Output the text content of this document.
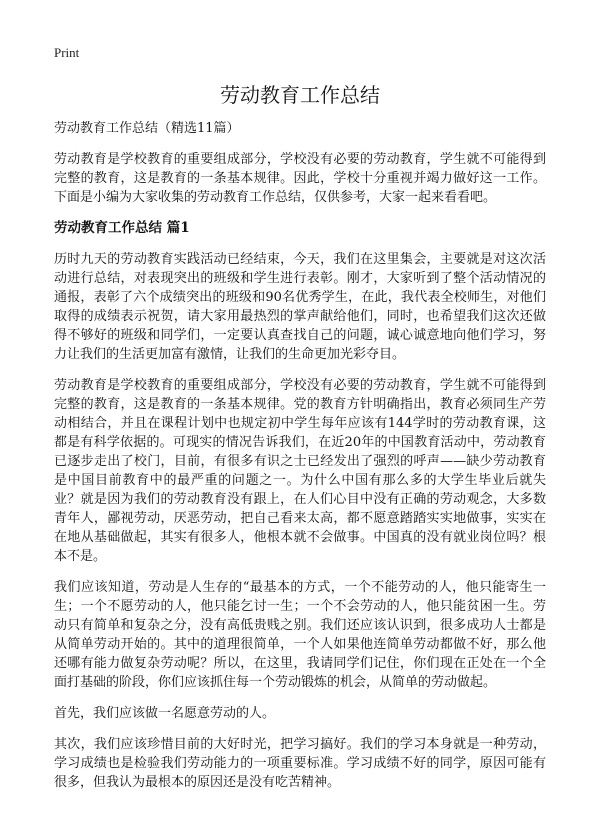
Print
劳动教育工作总结
劳动教育工作总结（精选11篇）

劳动教育是学校教育的重要组成部分，学校没有必要的劳动教育，学生就不可能得到完整的教育，这是教育的一条基本规律。因此，学校十分重视并竭力做好这一工作。下面是小编为大家收集的劳动教育工作总结，仅供参考，大家一起来看看吧。

劳动教育工作总结 篇1

历时九天的劳动教育实践活动已经结束，今天，我们在这里集会，主要就是对这次活动进行总结，对表现突出的班级和学生进行表彰。刚才，大家听到了整个活动情况的通报，表彰了六个成绩突出的班级和90名优秀学生，在此，我代表全校师生，对他们取得的成绩表示祝贺，请大家用最热烈的掌声献给他们，同时，也希望我们这次还做得不够好的班级和同学们，一定要认真查找自己的问题，诚心诚意地向他们学习，努力让我们的生活更加富有激情，让我们的生命更加光彩夺目。

劳动教育是学校教育的重要组成部分，学校没有必要的劳动教育，学生就不可能得到完整的教育，这是教育的一条基本规律。党的教育方针明确指出，教育必须同生产劳动相结合，并且在课程计划中也规定初中学生每年应该有144学时的劳动教育课，这都是有科学依据的。可现实的情况告诉我们，在近20年的中国教育活动中，劳动教育已逐步走出了校门，目前，有很多有识之士已经发出了强烈的呼声——缺少劳动教育是中国目前教育中的最严重的问题之一。为什么中国有那么多的大学生毕业后就失业？就是因为我们的劳动教育没有跟上，在人们心目中没有正确的劳动观念，大多数青年人，鄙视劳动，厌恶劳动，把自己看来太高，都不愿意踏踏实实地做事，实实在在地从基础做起，其实有很多人，他根本就不会做事。中国真的没有就业岗位吗？根本不是。

我们应该知道，劳动是人生存的“最基本的方式，一个不能劳动的人，他只能寄生一生；一个不愿劳动的人，他只能乞讨一生；一个不会劳动的人，他只能贫困一生。劳动只有简单和复杂之分，没有高低贵贱之别。我们还应该认识到，很多成功人士都是从简单劳动开始的。其中的道理很简单，一个人如果他连简单劳动都做不好，那么他还哪有能力做复杂劳动呢？所以，在这里，我请同学们记住，你们现在正处在一个全面打基础的阶段，你们应该抓住每一个劳动锻炼的机会，从简单的劳动做起。

首先，我们应该做一名愿意劳动的人。

其次，我们应该珍惜目前的大好时光，把学习搞好。我们的学习本身就是一种劳动，学习成绩也是检验我们劳动能力的一项重要标准。学习成绩不好的同学，原因可能有很多，但我认为最根本的原因还是没有吃苦精神。
